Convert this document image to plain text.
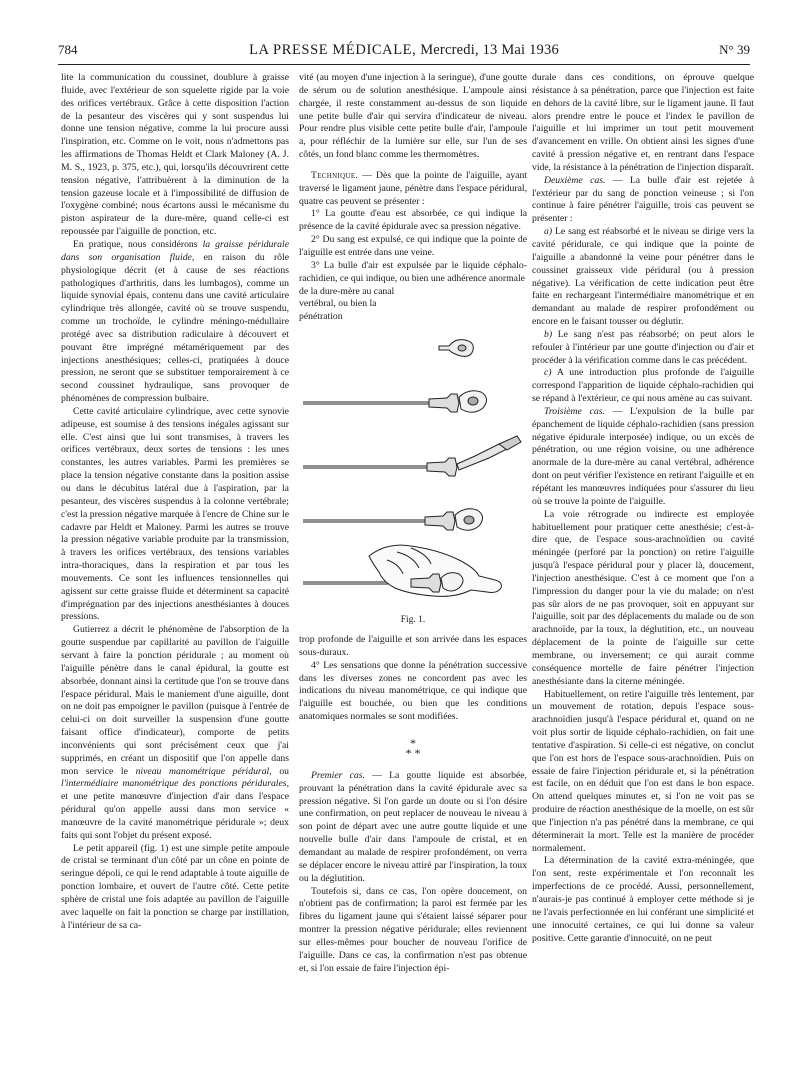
784	LA PRESSE MÉDICALE, Mercredi, 13 Mai 1936	N° 39

lite la communication du coussinet, doublure à graisse fluide, avec l'extérieur de son squelette rigide par la voie des orifices vertébraux. Grâce à cette disposition l'action de la pesanteur des viscères qui y sont suspendus lui donne une tension négative, comme la lui procure aussi l'inspiration, etc. Comme on le voit, nous n'admettons pas les affirmations de Thomas Heldt et Clark Maloney (A. J. M. S., 1923, p. 375, etc.), qui, lorsqu'ils découvrirent cette tension négative, l'attribuèrent à la diminution de la tension gazeuse locale et à l'impossibilité de diffusion de l'oxygène combiné; nous écartons aussi le mécanisme du piston aspirateur de la dure-mère, quand celle-ci est repoussée par l'aiguille de ponction, etc.

En pratique, nous considérons la graisse péridurale dans son organisation fluide, en raison du rôle physiologique décrit (et à cause de ses réactions pathologiques d'arthritis, dans les lumbagos), comme un liquide synovial épais, contenu dans une cavité articulaire cylindrique très allongée, cavité où se trouve suspendu, comme un trochoïde, le cylindre méningo-médullaire protégé avec sa distribution radiculaire à découvert et pouvant être imprégné métamériquement par des injections anesthésiques; celles-ci, pratiquées à douce pression, ne seront que se substituer temporairement à ce second coussinet hydraulique, sans provoquer de phénomènes de compression bulbaire.

Cette cavité articulaire cylindrique, avec cette synovie adipeuse, est soumise à des tensions inégales agissant sur elle. C'est ainsi que lui sont transmises, à travers les orifices vertébraux, deux sortes de tensions : les unes constantes, les autres variables. Parmi les premières se place la tension négative constante dans la position assise ou dans le décubitus latéral due à l'aspiration, par la pesanteur, des viscères suspendus à la colonne vertébrale; c'est la pression négative marquée à l'encre de Chine sur le cadavre par Heldt et Maloney. Parmi les autres se trouve la pression négative variable produite par la transmission, à travers les orifices vertébraux, des tensions variables intra-thoraciques, dans la respiration et par tous les mouvements. Ce sont les influences tensionnelles qui agissent sur cette graisse fluide et déterminent sa capacité d'imprégnation par des injections anesthésiantes à douces pressions.

Gutierrez a décrit le phénomène de l'absorption de la goutte suspendue par capillarité au pavillon de l'aiguille servant à faire la ponction péridurale ; au moment où l'aiguille pénètre dans le canal épidural, la goutte est absorbée, donnant ainsi la certitude que l'on se trouve dans l'espace péridural. Mais le maniement d'une aiguille, dont on ne doit pas empoigner le pavillon (puisque à l'entrée de celui-ci on doit surveiller la suspension d'une goutte faisant office d'indicateur), comporte de petits inconvénients qui sont précisément ceux que j'ai supprimés, en créant un dispositif que l'on appelle dans mon service le niveau manométrique péridural, ou l'intermédiaire manométrique des ponctions péridurales, et une petite manœuvre d'injection d'air dans l'espace péridural qu'on appelle aussi dans mon service « manœuvre de la cavité manométrique péridurale »; deux faits qui sont l'objet du présent exposé.

Le petit appareil (fig. 1) est une simple petite ampoule de cristal se terminant d'un côté par un cône en pointe de seringue dépoli, ce qui le rend adaptable à toute aiguille de ponction lombaire, et ouvert de l'autre côté. Cette petite sphère de cristal une fois adaptée au pavillon de l'aiguille avec laquelle on fait la ponction se charge par instillation, à l'intérieur de sa ca-

vité (au moyen d'une injection à la seringue), d'une goutte de sérum ou de solution anesthésique. L'ampoule ainsi chargée, il reste constamment au-dessus de son liquide une petite bulle d'air qui servira d'indicateur de niveau. Pour rendre plus visible cette petite bulle d'air, l'ampoule a, pour réfléchir de la lumière sur elle, sur l'un de ses côtés, un fond blanc comme les thermomètres.

Technique. — Dès que la pointe de l'aiguille, ayant traversé le ligament jaune, pénètre dans l'espace péridural, quatre cas peuvent se présenter :

1° La goutte d'eau est absorbée, ce qui indique la présence de la cavité épidurale avec sa pression négative.

2° Du sang est expulsé, ce qui indique que la pointe de l'aiguille est entrée dans une veine.

3° La bulle d'air est expulsée par le liquide céphalo-rachidien, ce qui indique, ou bien une adhérence anormale

de la dure-mère au canal vertébral, ou bien la pénétration

Fig. 1.

trop profonde de l'aiguille et son arrivée dans les espaces sous-duraux.

4° Les sensations que donne la pénétration successive dans les diverses zones ne concordent pas avec les indications du niveau manométrique, ce qui indique que l'aiguille est bouchée, ou bien que les conditions anatomiques normales se sont modifiées.

*
* *

Premier cas. — La goutte liquide est absorbée, prouvant la pénétration dans la cavité épidurale avec sa pression négative. Si l'on garde un doute ou si l'on désire une confirmation, on peut replacer de nouveau le niveau à son point de départ avec une autre goutte liquide et une nouvelle bulle d'air dans l'ampoule de cristal, et en demandant au malade de respirer profondément, on verra se déplacer encore le niveau attiré par l'inspiration, la toux ou la déglutition.

Toutefois si, dans ce cas, l'on opère doucement, on n'obtient pas de confirmation; la paroi est fermée par les fibres du ligament jaune qui s'étaient laissé séparer pour montrer la pression négative péridurale; elles reviennent sur elles-mêmes pour boucher de nouveau l'orifice de l'aiguille. Dans ce cas, la confirmation n'est pas obtenue et, si l'on essaie de faire l'injection épi-

durale dans ces conditions, on éprouve quelque résistance à sa pénétration, parce que l'injection est faite en dehors de la cavité libre, sur le ligament jaune. Il faut alors prendre entre le pouce et l'index le pavillon de l'aiguille et lui imprimer un tout petit mouvement d'avancement en vrille. On obtient ainsi les signes d'une cavité à pression négative et, en rentrant dans l'espace vide, la résistance à la pénétration de l'injection disparaît.

Deuxième cas. — La bulle d'air est rejetée à l'extérieur par du sang de ponction veineuse ; si l'on continue à faire pénétrer l'aiguille, trois cas peuvent se présenter :

a) Le sang est réabsorbé et le niveau se dirige vers la cavité péridurale, ce qui indique que la pointe de l'aiguille a abandonné la veine pour pénétrer dans le coussinet graisseux vide péridural (ou à pression négative). La vérification de cette indication peut être faite en rechargeant l'intermédiaire manométrique et en demandant au malade de respirer profondément ou encore en le faisant tousser ou déglutir.

b) Le sang n'est pas réabsorbé; on peut alors le refouler à l'intérieur par une goutte d'injection ou d'air et procéder à la vérification comme dans le cas précédent.

c) A une introduction plus profonde de l'aiguille correspond l'apparition de liquide céphalo-rachidien qui se répand à l'extérieur, ce qui nous amène au cas suivant.

Troisième cas. — L'expulsion de la bulle par épanchement de liquide céphalo-rachidien (sans pression négative épidurale interposée) indique, ou un excès de pénétration, ou une région voisine, ou une adhérence anormale de la dure-mère au canal vertébral, adhérence dont on peut vérifier l'existence en retirant l'aiguille et en répétant les manœuvres indiquées pour s'assurer du lieu où se trouve la pointe de l'aiguille.

La voie rétrograde ou indirecte est employée habituellement pour pratiquer cette anesthésie; c'est-à-dire que, de l'espace sous-arachnoïdien ou cavité méningée (perforé par la ponction) on retire l'aiguille jusqu'à l'espace péridural pour y placer là, doucement, l'injection anesthésique. C'est à ce moment que l'on a l'impression du danger pour la vie du malade; on n'est pas sûr alors de ne pas provoquer, soit en appuyant sur l'aiguille, soit par des déplacements du malade ou de son arachnoïde, par la toux, la déglutition, etc., un nouveau déplacement de la pointe de l'aiguille sur cette membrane, ou inversement; ce qui aurait comme conséquence mortelle de faire pénétrer l'injection anesthésiante dans la citerne méningée.

Habituellement, on retire l'aiguille très lentement, par un mouvement de rotation, depuis l'espace sous-arachnoïdien jusqu'à l'espace péridural et, quand on ne voit plus sortir de liquide céphalo-rachidien, on fait une tentative d'aspiration. Si celle-ci est négative, on conclut que l'on est hors de l'espace sous-arachnoïdien. Puis on essaie de faire l'injection péridurale et, si la pénétration est facile, on en déduit que l'on est dans le bon espace. On attend quelques minutes et, si l'on ne voit pas se produire de réaction anesthésique de la moelle, on est sûr que l'injection n'a pas pénétré dans la membrane, ce qui déterminerait la mort. Telle est la manière de procéder normalement.

La détermination de la cavité extra-méningée, que l'on sent, reste expérimentale et l'on reconnaît les imperfections de ce procédé. Aussi, personnellement, n'aurais-je pas continué à employer cette méthode si je ne l'avais perfectionnée en lui conférant une simplicité et une innocuité certaines, ce qui lui donne sa valeur positive. Cette garantie d'innocuité, on ne peut
